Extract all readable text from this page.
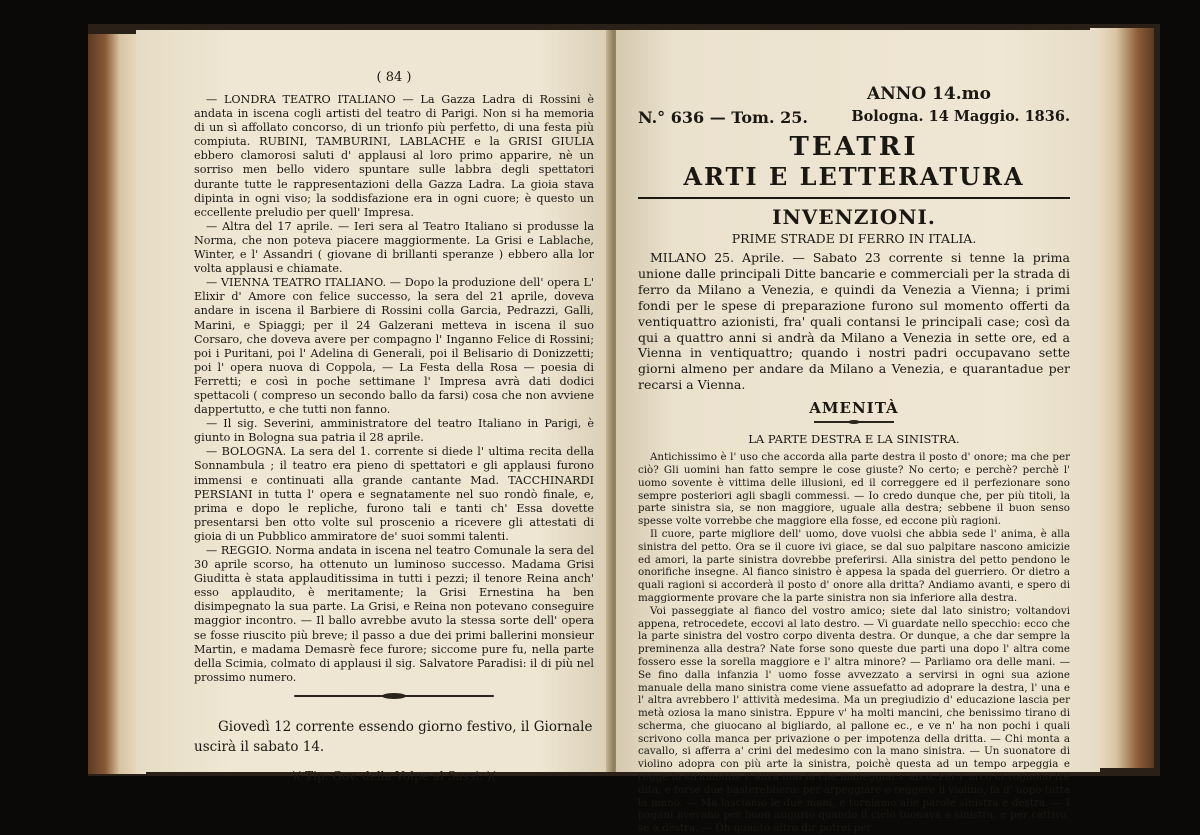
( 84 )

— LONDRA TEATRO ITALIANO — La Gazza Ladra di Rossini è andata in iscena cogli artisti del teatro di Parigi. Non si ha memoria di un sì affollato concorso, di un trionfo più perfetto, di una festa più compiuta. RUBINI, TAMBURINI, LABLACHE e la GRISI GIULIA ebbero clamorosi saluti d' applausi al loro primo apparire, nè un sorriso men bello videro spuntare sulle labbra degli spettatori durante tutte le rappresentazioni della Gazza Ladra. La gioia stava dipinta in ogni viso; la soddisfazione era in ogni cuore; è questo un eccellente preludio per quell' Impresa.

— Altra del 17 aprile. — Ieri sera al Teatro Italiano si produsse la Norma, che non poteva piacere maggiormente. La Grisi e Lablache, Winter, e l' Assandri ( giovane di brillanti speranze ) ebbero alla lor volta applausi e chiamate.

— VIENNA TEATRO ITALIANO. — Dopo la produzione dell' opera L' Elixir d' Amore con felice successo, la sera del 21 aprile, doveva andare in iscena il Barbiere di Rossini colla Garcia, Pedrazzi, Galli, Marini, e Spiaggi; per il 24 Galzerani metteva in iscena il suo Corsaro, che doveva avere per compagno l' Inganno Felice di Rossini; poi i Puritani, poi l' Adelina di Generali, poi il Belisario di Donizzetti; poi l' opera nuova di Coppola, — La Festa della Rosa — poesia di Ferretti; e così in poche settimane l' Impresa avrà dati dodici spettacoli ( compreso un secondo ballo da farsi) cosa che non avviene dappertutto, e che tutti non fanno.

— Il sig. Severini, amministratore del teatro Italiano in Parigi, è giunto in Bologna sua patria il 28 aprile.

— BOLOGNA. La sera del 1. corrente si diede l' ultima recita della Sonnambula ; il teatro era pieno di spettatori e gli applausi furono immensi e continuati alla grande cantante Mad. TACCHINARDI PERSIANI in tutta l' opera e segnatamente nel suo rondò finale, e, prima e dopo le repliche, furono tali e tanti ch' Essa dovette presentarsi ben otto volte sul proscenio a ricevere gli attestati di gioia di un Pubblico ammiratore de' suoi sommi talenti.

— REGGIO. Norma andata in iscena nel teatro Comunale la sera del 30 aprile scorso, ha ottenuto un luminoso successo. Madama Grisi Giuditta è stata applauditissima in tutti i pezzi; il tenore Reina anch' esso applaudito, è meritamente; la Grisi Ernestina ha ben disimpegnato la sua parte. La Grisi, e Reina non potevano conseguire maggior incontro. — Il ballo avrebbe avuto la stessa sorte dell' opera se fosse riuscito più breve; il passo a due dei primi ballerini monsieur Martin, e madama Demasrè fece furore; siccome pure fu, nella parte della Scimia, colmato di applausi il sig. Salvatore Paradisi: il di più nel prossimo numero.

Giovedì 12 corrente essendo giorno festivo, il Giornale uscirà il sabato 14.
)( Tip. Gov. della Volpe al Sassi. )(
ANNO 14.mo
N.° 636 — Tom. 25.	Bologna. 14 Maggio. 1836.
TEATRI
ARTI E LETTERATURA
INVENZIONI.
PRIME STRADE DI FERRO IN ITALIA.

MILANO 25. Aprile. — Sabato 23 corrente si tenne la prima unione dalle principali Ditte bancarie e commerciali per la strada di ferro da Milano a Venezia, e quindi da Venezia a Vienna; i primi fondi per le spese di preparazione furono sul momento offerti da ventiquattro azionisti, fra' quali contansi le principali case; così da qui a quattro anni si andrà da Milano a Venezia in sette ore, ed a Vienna in ventiquattro; quando i nostri padri occupavano sette giorni almeno per andare da Milano a Venezia, e quarantadue per recarsi a Vienna.

AMENITÀ
LA PARTE DESTRA E LA SINISTRA.

Antichissimo è l' uso che accorda alla parte destra il posto d' onore; ma che per ciò? Gli uomini han fatto sempre le cose giuste? No certo; e perchè? perchè l' uomo sovente è vittima delle illusioni, ed il correggere ed il perfezionare sono sempre posteriori agli sbagli commessi. — Io credo dunque che, per più titoli, la parte sinistra sia, se non maggiore, uguale alla destra; sebbene il buon senso spesse volte vorrebbe che maggiore ella fosse, ed eccone più ragioni.

Il cuore, parte migliore dell' uomo, dove vuolsi che abbia sede l' anima, è alla sinistra del petto. Ora se il cuore ivi giace, se dal suo palpitare nascono amicizie ed amori, la parte sinistra dovrebbe preferirsi. Alla sinistra del petto pendono le onorifiche insegne. Al fianco sinistro è appesa la spada del guerriero. Or dietro a quali ragioni si accorderà il posto d' onore alla dritta? Andiamo avanti, e spero di maggiormente provare che la parte sinistra non sia inferiore alla destra.

Voi passeggiate al fianco del vostro amico; siete dal lato sinistro; voltandovi appena, retrocedete, eccovi al lato destro. — Vi guardate nello specchio: ecco che la parte sinistra del vostro corpo diventa destra. Or dunque, a che dar sempre la preminenza alla destra? Nate forse sono queste due parti una dopo l' altra come fossero esse la sorella maggiore e l' altra minore? — Parliamo ora delle mani. — Se fino dalla infanzia l' uomo fosse avvezzato a servirsi in ogni sua azione manuale della mano sinistra come viene assuefatto ad adoprare la destra, l' una e l' altra avrebbero l' attività medesima. Ma un pregiudizio d' educazione lascia per metà oziosa la mano sinistra. Eppure v' ha molti mancini, che benissimo tirano di scherma, che giuocano al bigliardo, al pallone ec., e ve n' ha non pochi i quali scrivono colla manca per privazione o per impotenza della dritta. — Chi monta a cavallo, si afferra a' crini del medesimo con la mano sinistra. — Un suonatore di violino adopra con più arte la sinistra, poichè questa ad un tempo arpeggia e regge lo strumento: l' altra non fa che maneggiar l' arco. Per l' arco ci vogliono tre dita, e forse due basterebbero: per arpeggiare e reggere il violino, fa d' uopo tutta la mano. — Ma lasciamo le due mani, e torniamo alle parole sinistra e destra. — I pagani avevano per buon augurio quando il cielo tuonava a sinistra, e per cattivo, se a destra. — Oh quanto altro dir potrei per
